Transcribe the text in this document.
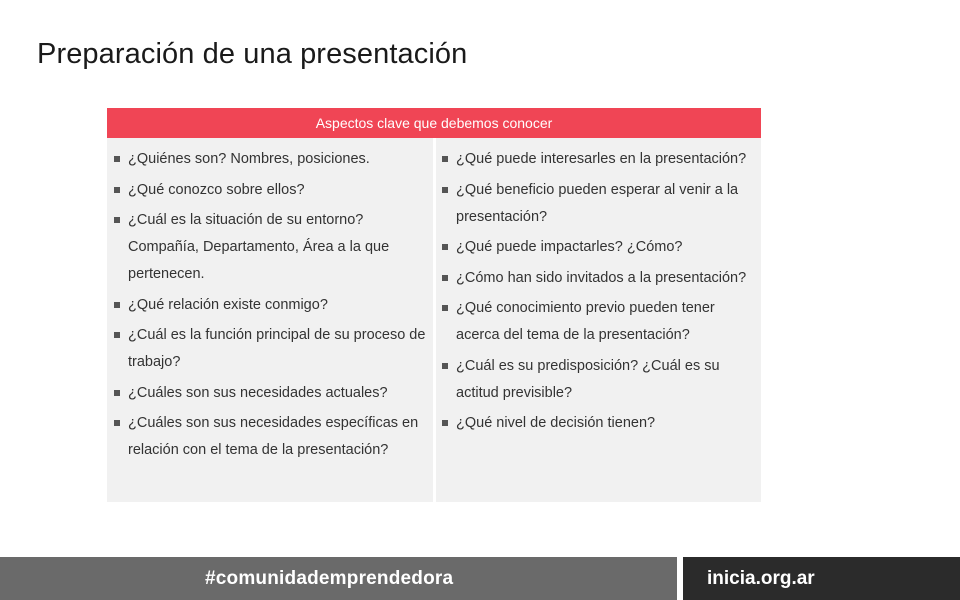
Preparación de una presentación
Aspectos clave que debemos conocer
¿Quiénes son? Nombres, posiciones.
¿Qué conozco sobre ellos?
¿Cuál es la situación de su entorno? Compañía, Departamento, Área a la que pertenecen.
¿Qué relación existe conmigo?
¿Cuál es la función principal de su proceso de trabajo?
¿Cuáles son sus necesidades actuales?
¿Cuáles son sus necesidades específicas en relación con el tema de la presentación?
¿Qué puede interesarles en la presentación?
¿Qué beneficio pueden esperar al venir a la presentación?
¿Qué puede impactarles? ¿Cómo?
¿Cómo han sido invitados a la presentación?
¿Qué conocimiento previo pueden tener acerca del tema de la presentación?
¿Cuál es su predisposición? ¿Cuál es su actitud previsible?
¿Qué nivel de decisión tienen?
#comunidademprendedora	inicia.org.ar
